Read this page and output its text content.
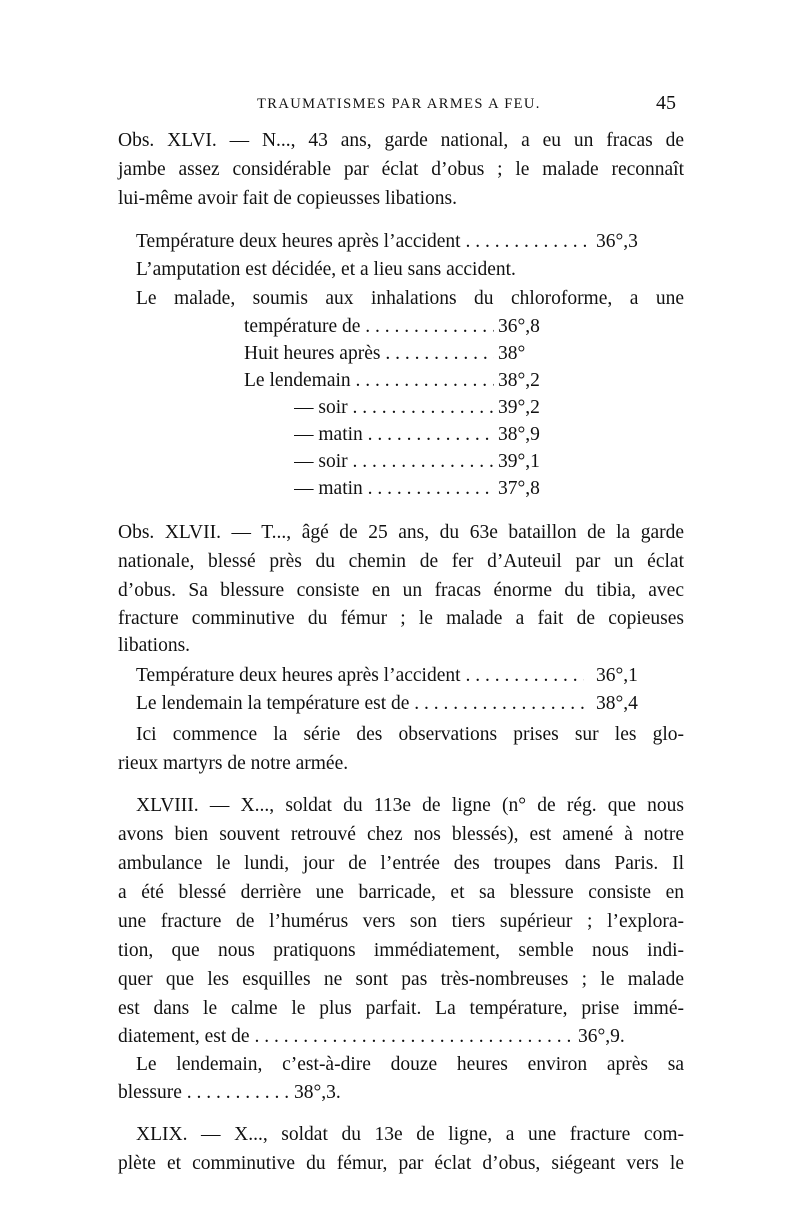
TRAUMATISMES PAR ARMES A FEU.	45
Obs. XLVI. — N..., 43 ans, garde national, a eu un fracas de
jambe assez considérable par éclat d’obus ; le malade reconnaît
lui-même avoir fait de copieusses libations.
Température deux heures après l’accident . . .	36°,3
L’amputation est décidée, et a lieu sans accident.
Le malade, soumis aux inhalations du chloroforme, a une
température de . . .	36°,8
Huit heures après . . .	38°
Le lendemain . . .	38°,2
— soir . . .	39°,2
— matin . . .	38°,9
— soir . . .	39°,1
— matin . . .	37°,8
Obs. XLVII. — T..., âgé de 25 ans, du 63e bataillon de la garde
nationale, blessé près du chemin de fer d’Auteuil par un éclat
d’obus. Sa blessure consiste en un fracas énorme du tibia, avec
fracture comminutive du fémur ; le malade a fait de copieuses
libations.
Température deux heures après l’accident . . .	36°,1
Le lendemain la température est de . . .	38°,4
Ici commence la série des observations prises sur les glo-
rieux martyrs de notre armée.
XLVIII. — X..., soldat du 113e de ligne (n° de rég. que nous
avons bien souvent retrouvé chez nos blessés), est amené à notre
ambulance le lundi, jour de l’entrée des troupes dans Paris. Il
a été blessé derrière une barricade, et sa blessure consiste en
une fracture de l’humérus vers son tiers supérieur ; l’explora-
tion, que nous pratiquons immédiatement, semble nous indi-
quer que les esquilles ne sont pas très-nombreuses ; le malade
est dans le calme le plus parfait. La température, prise immé-
diatement, est de . . .	36°,9.
Le lendemain, c’est-à-dire douze heures environ après sa
blessure . . .	38°,3.
XLIX. — X..., soldat du 13e de ligne, a une fracture com-
plète et comminutive du fémur, par éclat d’obus, siégeant vers le
